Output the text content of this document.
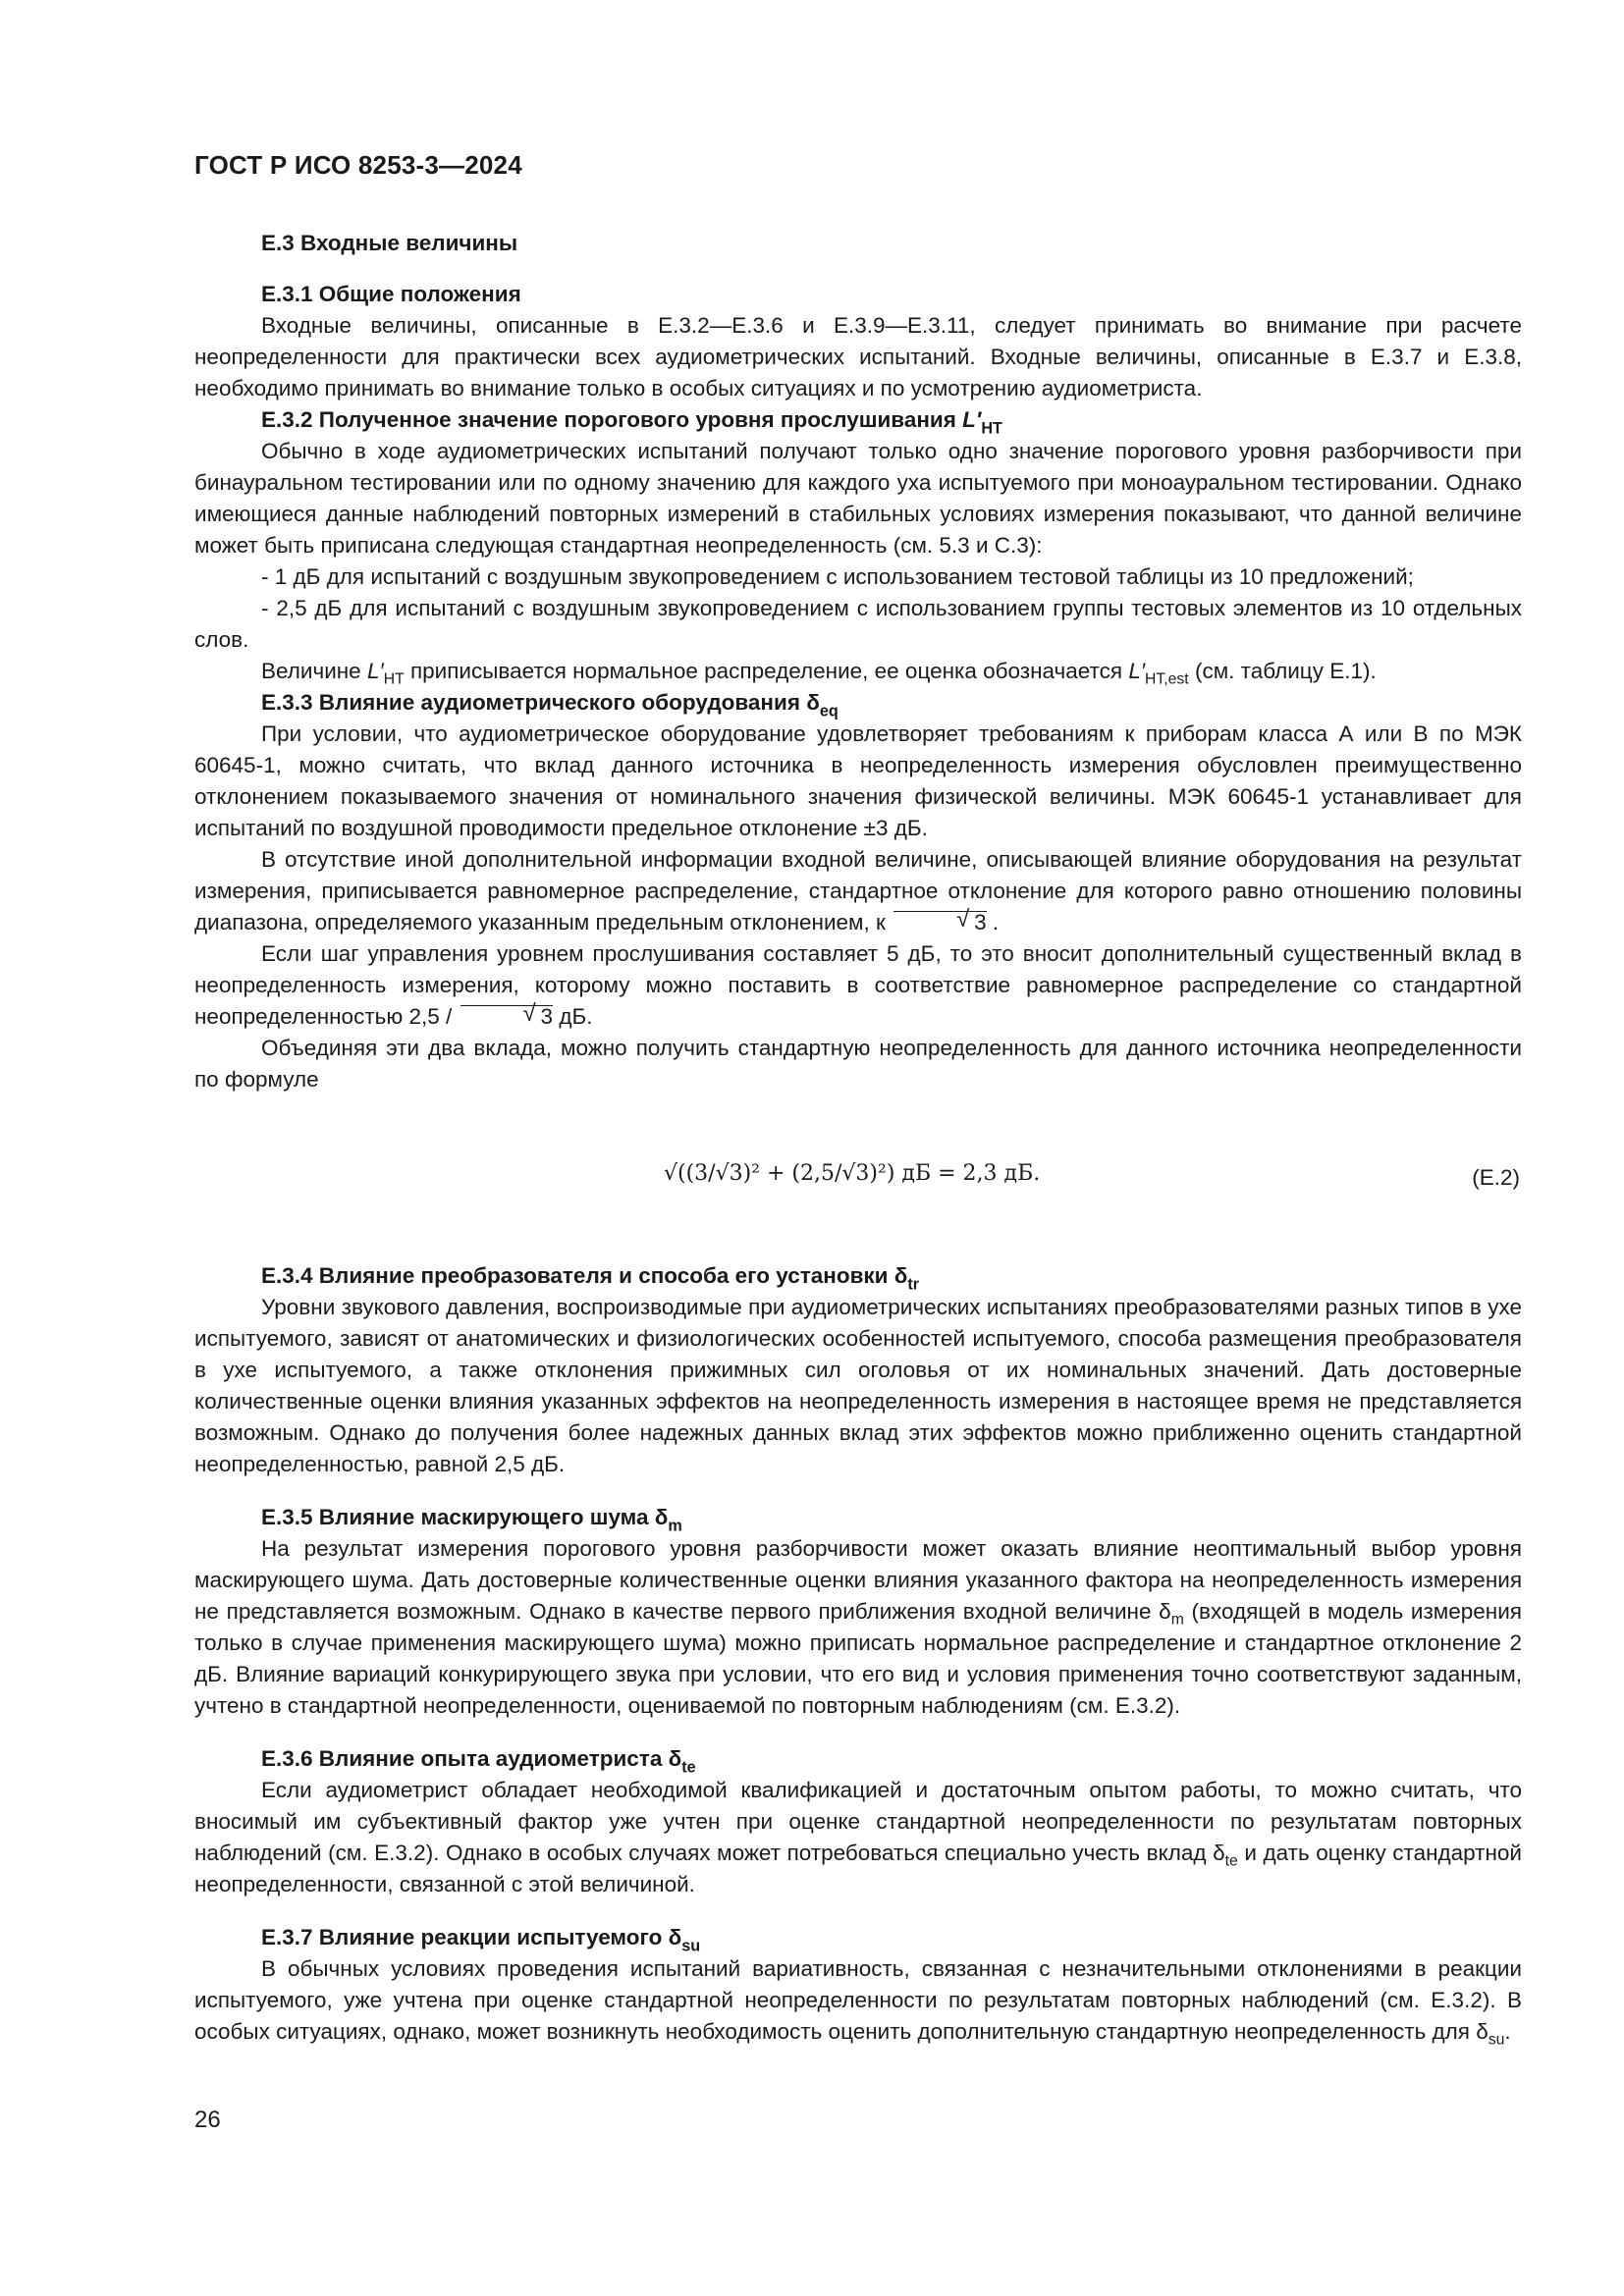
ГОСТ Р ИСО 8253-3—2024
Е.3 Входные величины
Е.3.1 Общие положения

Входные величины, описанные в Е.3.2—Е.3.6 и Е.3.9—Е.3.11, следует принимать во внимание при расчете неопределенности для практически всех аудиометрических испытаний. Входные величины, описанные в Е.3.7 и Е.3.8, необходимо принимать во внимание только в особых ситуациях и по усмотрению аудиометриста.

Е.3.2 Полученное значение порогового уровня прослушивания $L'_{HT}$

Обычно в ходе аудиометрических испытаний получают только одно значение порогового уровня разборчивости при бинауральном тестировании или по одному значению для каждого уха испытуемого при моноауральном тестировании. Однако имеющиеся данные наблюдений повторных измерений в стабильных условиях измерения показывают, что данной величине может быть приписана следующая стандартная неопределенность (см. 5.3 и С.3):

- 1 дБ для испытаний с воздушным звукопроведением с использованием тестовой таблицы из 10 предложений;

- 2,5 дБ для испытаний с воздушным звукопроведением с использованием группы тестовых элементов из 10 отдельных слов.

Величине $L'_{HT}$ приписывается нормальное распределение, ее оценка обозначается $L'_{HT,est}$ (см. таблицу Е.1).

Е.3.3 Влияние аудиометрического оборудования $\delta_{eq}$

При условии, что аудиометрическое оборудование удовлетворяет требованиям к приборам класса А или В по МЭК 60645-1, можно считать, что вклад данного источника в неопределенность измерения обусловлен преимущественно отклонением показываемого значения от номинального значения физической величины. МЭК 60645-1 устанавливает для испытаний по воздушной проводимости предельное отклонение ±3 дБ.

В отсутствие иной дополнительной информации входной величине, описывающей влияние оборудования на результат измерения, приписывается равномерное распределение, стандартное отклонение для которого равно отношению половины диапазона, определяемого указанным предельным отклонением, к	√ 3 .

Если шаг управления уровнем прослушивания составляет 5 дБ, то это вносит дополнительный существенный вклад в неопределенность измерения, которому можно поставить в соответствие равномерное распределение со стандартной неопределенностью 2,5 /	√ 3 дБ.

Объединяя эти два вклада, можно получить стандартную неопределенность для данного источника неопределенности по формуле

√((3/√3)² + (2,5/√3)²) дБ = 2,3 дБ.	(Е.2)
Е.3.4 Влияние преобразователя и способа его установки $\delta_{tr}$

Уровни звукового давления, воспроизводимые при аудиометрических испытаниях преобразователями разных типов в ухе испытуемого, зависят от анатомических и физиологических особенностей испытуемого, способа размещения преобразователя в ухе испытуемого, а также отклонения прижимных сил оголовья от их номинальных значений. Дать достоверные количественные оценки влияния указанных эффектов на неопределенность измерения в настоящее время не представляется возможным. Однако до получения более надежных данных вклад этих эффектов можно приближенно оценить стандартной неопределенностью, равной 2,5 дБ.

Е.3.5 Влияние маскирующего шума $\delta_m$

На результат измерения порогового уровня разборчивости может оказать влияние неоптимальный выбор уровня маскирующего шума. Дать достоверные количественные оценки влияния указанного фактора на неопределенность измерения не представляется возможным. Однако в качестве первого приближения входной величине $\delta_m$ (входящей в модель измерения только в случае применения маскирующего шума) можно приписать нормальное распределение и стандартное отклонение 2 дБ. Влияние вариаций конкурирующего звука при условии, что его вид и условия применения точно соответствуют заданным, учтено в стандартной неопределенности, оцениваемой по повторным наблюдениям (см. Е.3.2).

Е.3.6 Влияние опыта аудиометриста $\delta_{te}$

Если аудиометрист обладает необходимой квалификацией и достаточным опытом работы, то можно считать, что вносимый им субъективный фактор уже учтен при оценке стандартной неопределенности по результатам повторных наблюдений (см. Е.3.2). Однако в особых случаях может потребоваться специально учесть вклад $\delta_{te}$ и дать оценку стандартной неопределенности, связанной с этой величиной.

Е.3.7 Влияние реакции испытуемого $\delta_{su}$

В обычных условиях проведения испытаний вариативность, связанная с незначительными отклонениями в реакции испытуемого, уже учтена при оценке стандартной неопределенности по результатам повторных наблюдений (см. Е.3.2). В особых ситуациях, однако, может возникнуть необходимость оценить дополнительную стандартную неопределенность для $\delta_{su}$.

26
